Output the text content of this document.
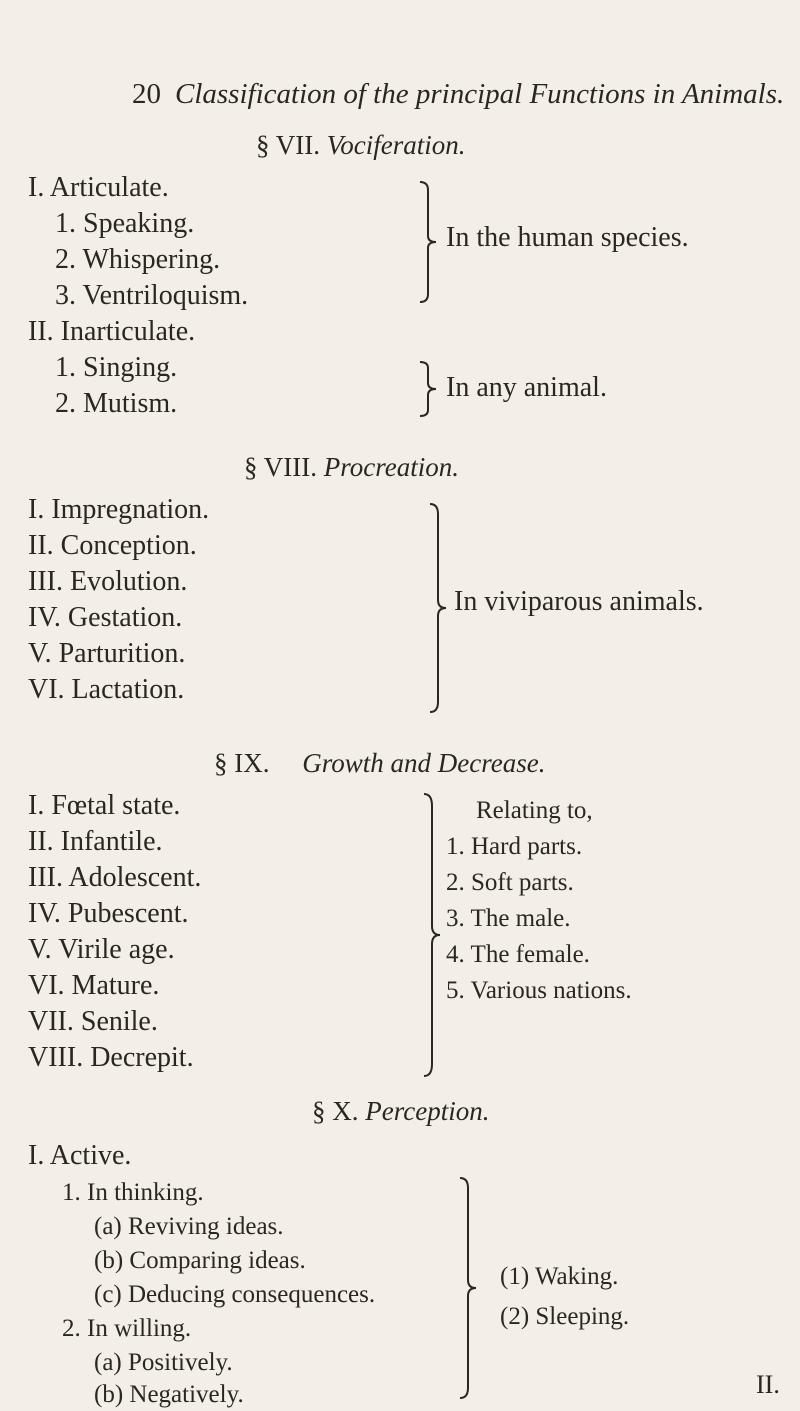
20 Classification of the principal Functions in Animals.
§ VII. Vociferation.
I. Articulate.
1. Speaking.
2. Whispering.
3. Ventriloquism.
In the human species.
II. Inarticulate.
1. Singing.
2. Mutism.
In any animal.
§ VIII. Procreation.
I. Impregnation.
II. Conception.
III. Evolution.
IV. Gestation.
V. Parturition.
VI. Lactation.
In viviparous animals.
§ IX. Growth and Decrease.
I. Fœtal state.
II. Infantile.
III. Adolescent.
IV. Pubescent.
V. Virile age.
VI. Mature.
VII. Senile.
VIII. Decrepit.
Relating to,
1. Hard parts.
2. Soft parts.
3. The male.
4. The female.
5. Various nations.
§ X. Perception.
I. Active.
1. In thinking.
(a) Reviving ideas.
(b) Comparing ideas.
(c) Deducing consequences.
2. In willing.
(a) Positively.
(b) Negatively.
(1) Waking.
(2) Sleeping.
II.
